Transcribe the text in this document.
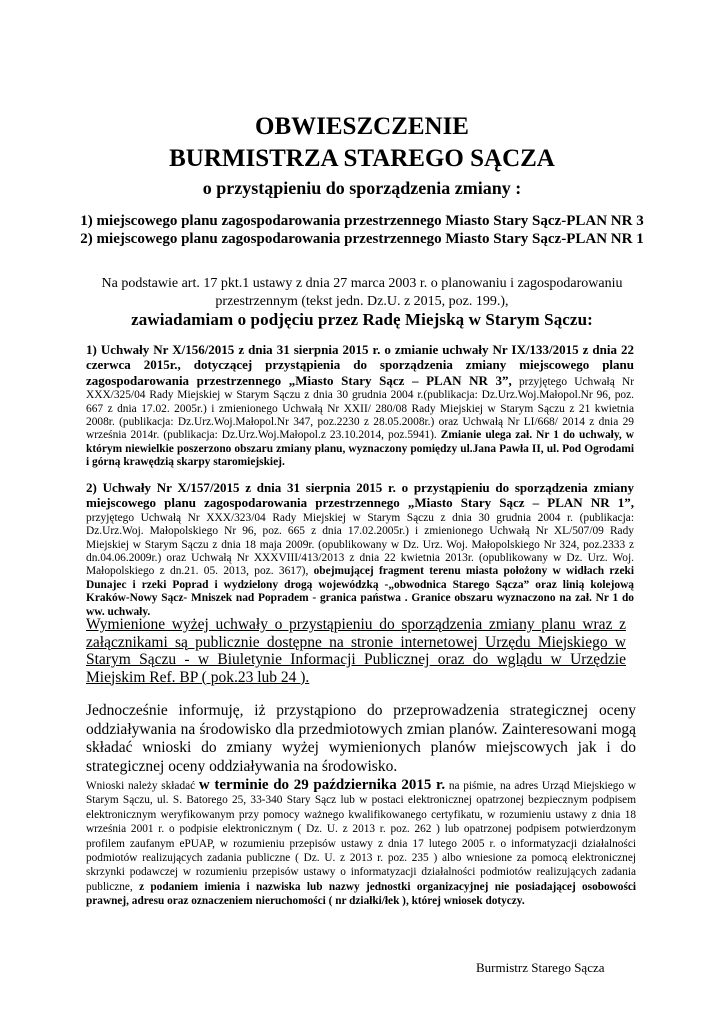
OBWIESZCZENIE
BURMISTRZA STAREGO SĄCZA
o przystąpieniu do sporządzenia zmiany :
1) miejscowego planu zagospodarowania przestrzennego Miasto Stary Sącz-PLAN NR 3
2) miejscowego planu zagospodarowania przestrzennego Miasto Stary Sącz-PLAN NR 1
Na podstawie art. 17 pkt.1 ustawy z dnia 27 marca 2003 r. o planowaniu i zagospodarowaniu
przestrzennym (tekst jedn. Dz.U. z 2015, poz. 199.),
zawiadamiam o podjęciu przez Radę Miejską w Starym Sączu:
1) Uchwały Nr X/156/2015 z dnia 31 sierpnia 2015 r. o zmianie uchwały Nr IX/133/2015 z dnia 22 czerwca 2015r., dotyczącej przystąpienia do sporządzenia zmiany miejscowego planu zagospodarowania przestrzennego „Miasto Stary Sącz – PLAN NR 3”, przyjętego Uchwałą Nr XXX/325/04 Rady Miejskiej w Starym Sączu z dnia 30 grudnia 2004 r.(publikacja: Dz.Urz.Woj.Małopol.Nr 96, poz. 667 z dnia 17.02. 2005r.) i zmienionego Uchwałą Nr XXII/ 280/08 Rady Miejskiej w Starym Sączu z 21 kwietnia 2008r. (publikacja: Dz.Urz.Woj.Małopol.Nr 347, poz.2230 z 28.05.2008r.) oraz Uchwałą Nr LI/668/ 2014 z dnia 29 września 2014r. (publikacja: Dz.Urz.Woj.Małopol.z 23.10.2014, poz.5941). Zmianie ulega zał. Nr 1 do uchwały, w którym niewielkie poszerzono obszaru zmiany planu, wyznaczony pomiędzy ul.Jana Pawła II, ul. Pod Ogrodami i górną krawędzią skarpy staromiejskiej.
2) Uchwały Nr X/157/2015 z dnia 31 sierpnia 2015 r. o przystąpieniu do sporządzenia zmiany miejscowego planu zagospodarowania przestrzennego „Miasto Stary Sącz – PLAN NR 1”, przyjętego Uchwałą Nr XXX/323/04 Rady Miejskiej w Starym Sączu z dnia 30 grudnia 2004 r. (publikacja: Dz.Urz.Woj. Małopolskiego Nr 96, poz. 665 z dnia 17.02.2005r.) i zmienionego Uchwałą Nr XL/507/09 Rady Miejskiej w Starym Sączu z dnia 18 maja 2009r. (opublikowany w Dz. Urz. Woj. Małopolskiego Nr 324, poz.2333 z dn.04.06.2009r.) oraz Uchwałą Nr XXXVIII/413/2013 z dnia 22 kwietnia 2013r. (opublikowany w Dz. Urz. Woj. Małopolskiego z dn.21. 05. 2013, poz. 3617), obejmującej fragment terenu miasta położony w widłach rzeki Dunajec i rzeki Poprad i wydzielony drogą wojewódzką -„obwodnica Starego Sącza” oraz linią kolejową Kraków-Nowy Sącz- Mniszek nad Popradem - granica państwa . Granice obszaru wyznaczono na zał. Nr 1 do ww. uchwały.
Wymienione wyżej uchwały o przystąpieniu do sporządzenia zmiany planu wraz z załącznikami są publicznie dostępne na stronie internetowej Urzędu Miejskiego w Starym Sączu - w Biuletynie Informacji Publicznej oraz do wglądu w Urzędzie Miejskim Ref. BP ( pok.23 lub 24 ).
Jednocześnie informuję, iż przystąpiono do przeprowadzenia strategicznej oceny oddziaływania na środowisko dla przedmiotowych zmian planów. Zainteresowani mogą składać wnioski do zmiany wyżej wymienionych planów miejscowych jak i do strategicznej oceny oddziaływania na środowisko.
Wnioski należy składać w terminie do 29 października 2015 r. na piśmie, na adres Urząd Miejskiego w Starym Sączu, ul. S. Batorego 25, 33-340 Stary Sącz lub w postaci elektronicznej opatrzonej bezpiecznym podpisem elektronicznym weryfikowanym przy pomocy ważnego kwalifikowanego certyfikatu, w rozumieniu ustawy z dnia 18 września 2001 r. o podpisie elektronicznym ( Dz. U. z 2013 r. poz. 262 ) lub opatrzonej podpisem potwierdzonym profilem zaufanym ePUAP, w rozumieniu przepisów ustawy z dnia 17 lutego 2005 r. o informatyzacji działalności podmiotów realizujących zadania publiczne ( Dz. U. z 2013 r. poz. 235 ) albo wniesione za pomocą elektronicznej skrzynki podawczej w rozumieniu przepisów ustawy o informatyzacji działalności podmiotów realizujących zadania publiczne, z podaniem imienia i nazwiska lub nazwy jednostki organizacyjnej nie posiadającej osobowości prawnej, adresu oraz oznaczeniem nieruchomości ( nr działki/łek ), której wniosek dotyczy.
Burmistrz Starego Sącza
